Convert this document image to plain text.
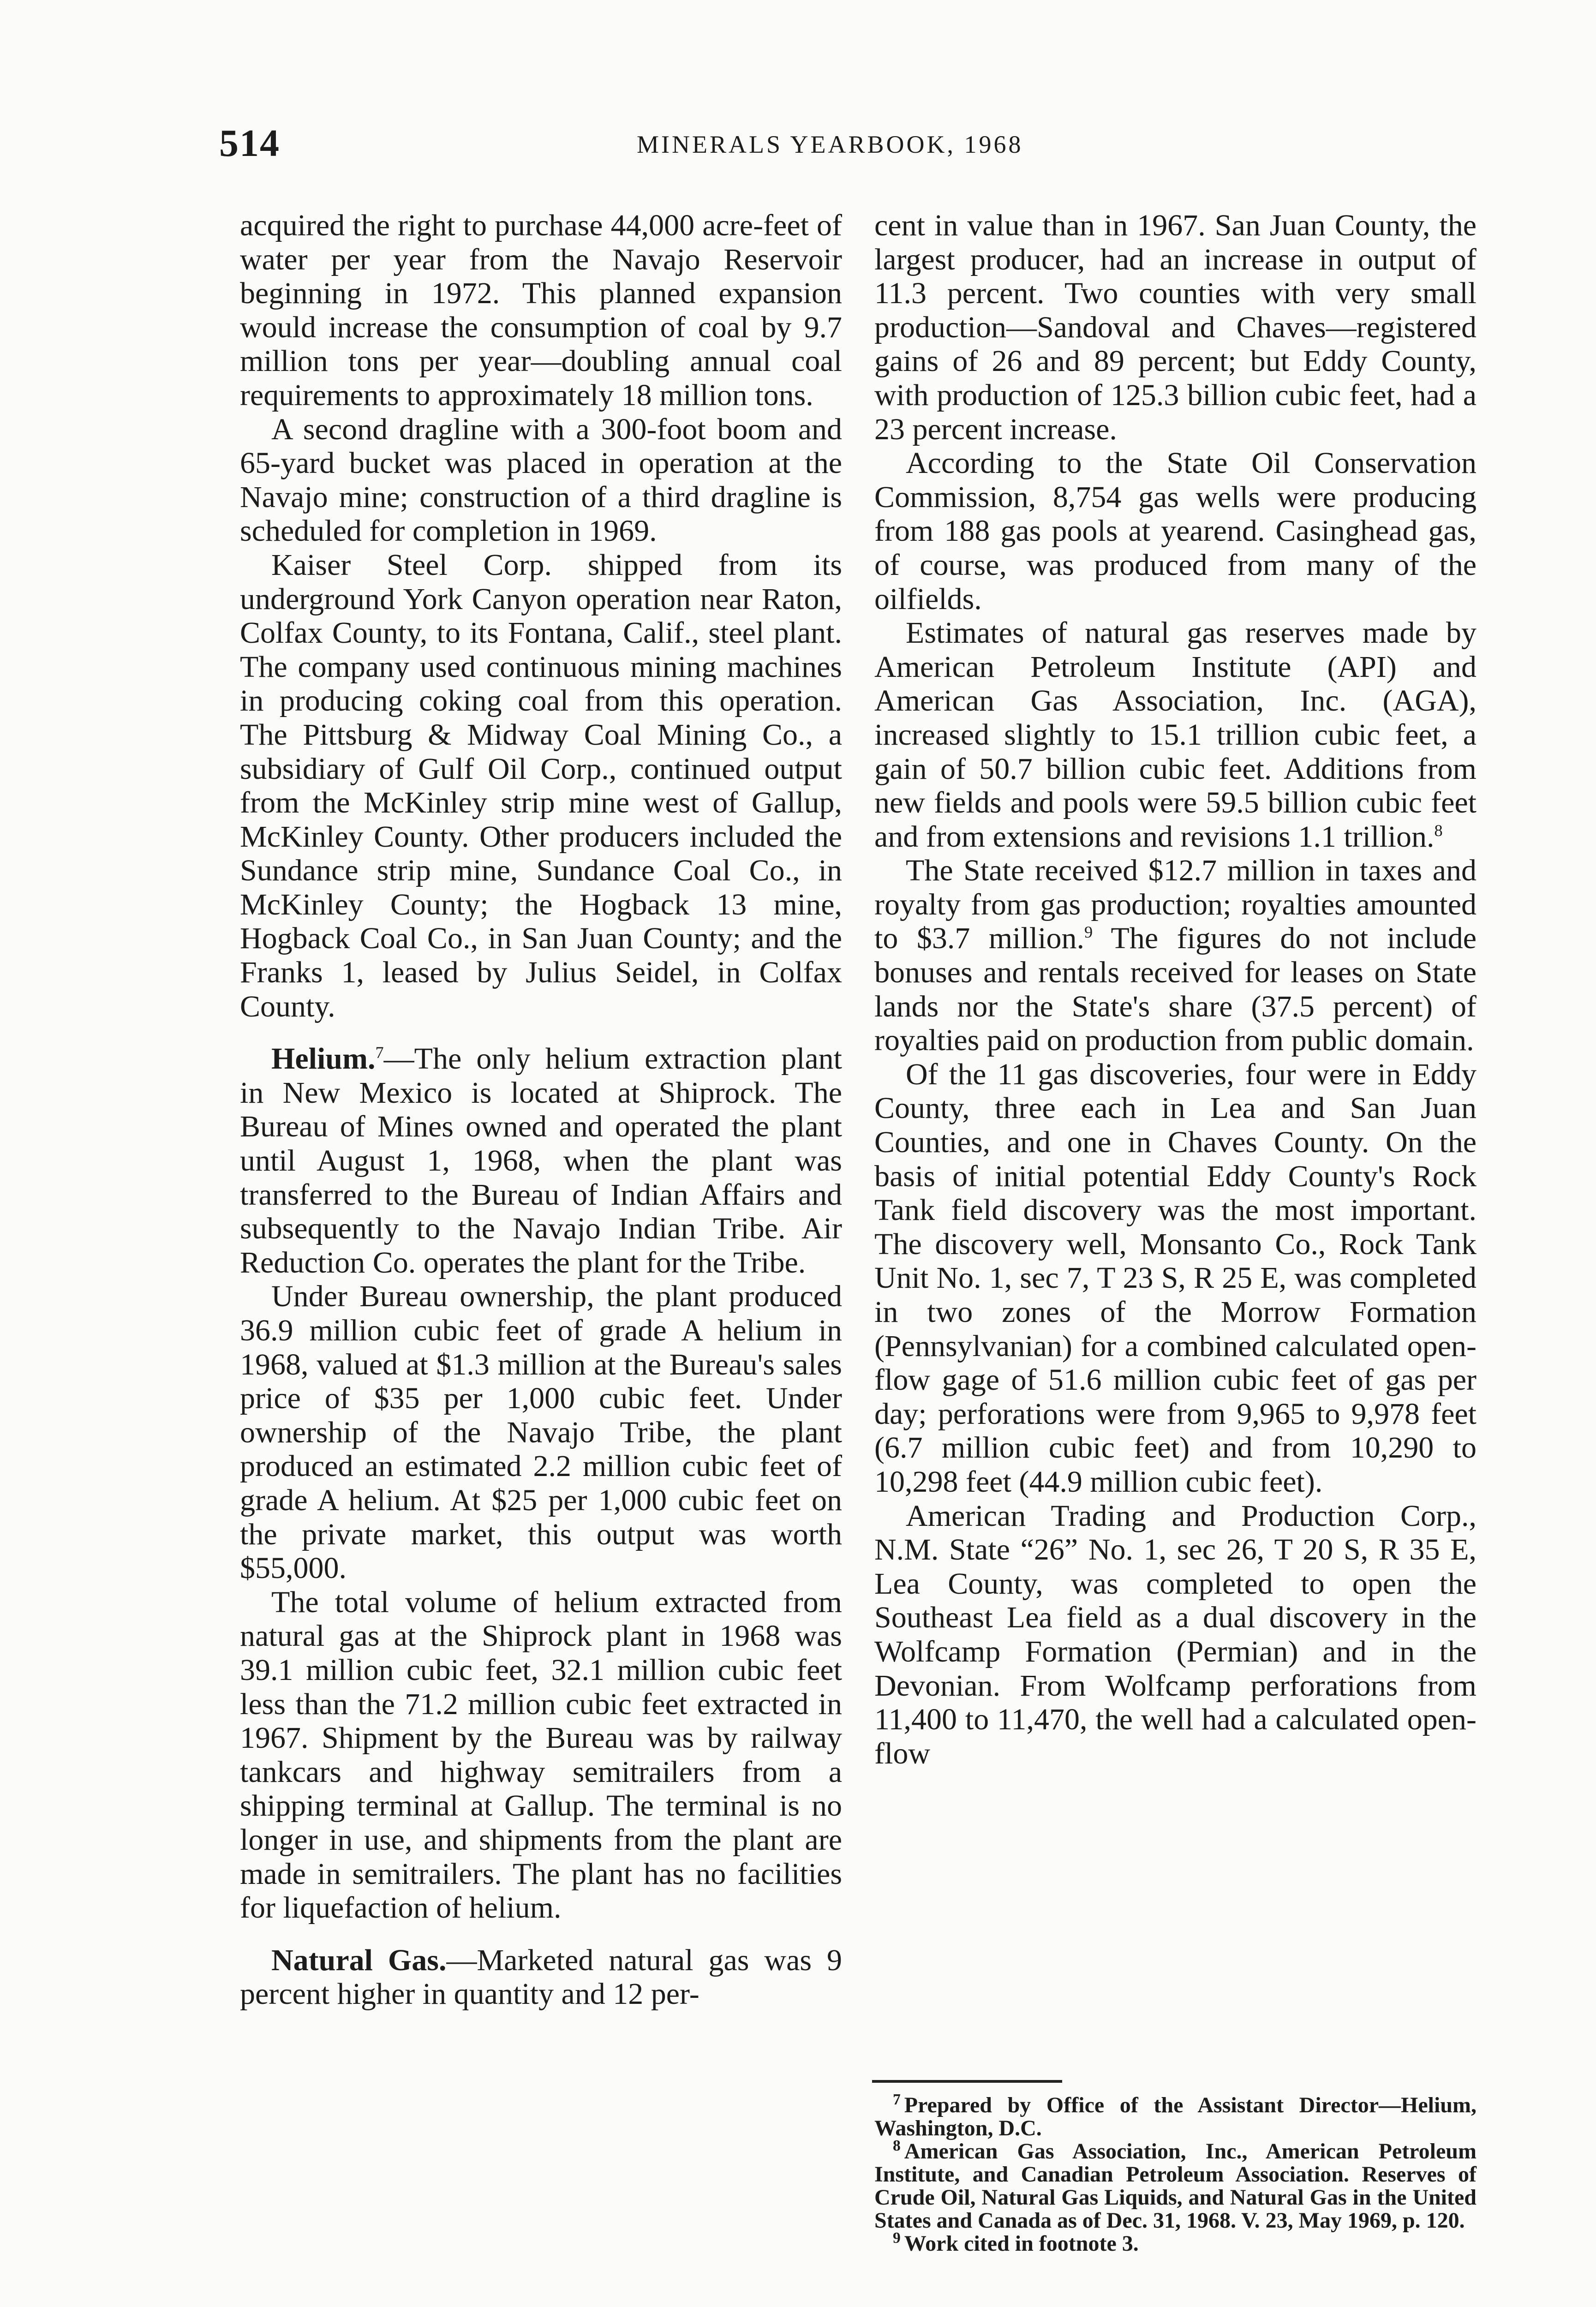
514	MINERALS YEARBOOK, 1968

acquired the right to purchase 44,000 acre-feet of water per year from the Navajo Reservoir beginning in 1972. This planned expansion would increase the consumption of coal by 9.7 million tons per year—doubling annual coal requirements to approximately 18 million tons.

A second dragline with a 300-foot boom and 65-yard bucket was placed in operation at the Navajo mine; construction of a third dragline is scheduled for completion in 1969.

Kaiser Steel Corp. shipped from its underground York Canyon operation near Raton, Colfax County, to its Fontana, Calif., steel plant. The company used continuous mining machines in producing coking coal from this operation. The Pittsburg & Midway Coal Mining Co., a subsidiary of Gulf Oil Corp., continued output from the McKinley strip mine west of Gallup, McKinley County. Other producers included the Sundance strip mine, Sundance Coal Co., in McKinley County; the Hogback 13 mine, Hogback Coal Co., in San Juan County; and the Franks 1, leased by Julius Seidel, in Colfax County.

Helium.$^7$—The only helium extraction plant in New Mexico is located at Shiprock. The Bureau of Mines owned and operated the plant until August 1, 1968, when the plant was transferred to the Bureau of Indian Affairs and subsequently to the Navajo Indian Tribe. Air Reduction Co. operates the plant for the Tribe.

Under Bureau ownership, the plant produced 36.9 million cubic feet of grade A helium in 1968, valued at $1.3 million at the Bureau's sales price of $35 per 1,000 cubic feet. Under ownership of the Navajo Tribe, the plant produced an estimated 2.2 million cubic feet of grade A helium. At $25 per 1,000 cubic feet on the private market, this output was worth $55,000.

The total volume of helium extracted from natural gas at the Shiprock plant in 1968 was 39.1 million cubic feet, 32.1 million cubic feet less than the 71.2 million cubic feet extracted in 1967. Shipment by the Bureau was by railway tankcars and highway semitrailers from a shipping terminal at Gallup. The terminal is no longer in use, and shipments from the plant are made in semitrailers. The plant has no facilities for liquefaction of helium.

Natural Gas.—Marketed natural gas was 9 percent higher in quantity and 12 per-

cent in value than in 1967. San Juan County, the largest producer, had an increase in output of 11.3 percent. Two counties with very small production—Sandoval and Chaves—registered gains of 26 and 89 percent; but Eddy County, with production of 125.3 billion cubic feet, had a 23 percent increase.

According to the State Oil Conservation Commission, 8,754 gas wells were producing from 188 gas pools at yearend. Casinghead gas, of course, was produced from many of the oilfields.

Estimates of natural gas reserves made by American Petroleum Institute (API) and American Gas Association, Inc. (AGA), increased slightly to 15.1 trillion cubic feet, a gain of 50.7 billion cubic feet. Additions from new fields and pools were 59.5 billion cubic feet and from extensions and revisions 1.1 trillion.$^8$

The State received $12.7 million in taxes and royalty from gas production; royalties amounted to $3.7 million.$^9$ The figures do not include bonuses and rentals received for leases on State lands nor the State's share (37.5 percent) of royalties paid on production from public domain.

Of the 11 gas discoveries, four were in Eddy County, three each in Lea and San Juan Counties, and one in Chaves County. On the basis of initial potential Eddy County's Rock Tank field discovery was the most important. The discovery well, Monsanto Co., Rock Tank Unit No. 1, sec 7, T 23 S, R 25 E, was completed in two zones of the Morrow Formation (Pennsylvanian) for a combined calculated open-flow gage of 51.6 million cubic feet of gas per day; perforations were from 9,965 to 9,978 feet (6.7 million cubic feet) and from 10,290 to 10,298 feet (44.9 million cubic feet).

American Trading and Production Corp., N.M. State “26” No. 1, sec 26, T 20 S, R 35 E, Lea County, was completed to open the Southeast Lea field as a dual discovery in the Wolfcamp Formation (Permian) and in the Devonian. From Wolfcamp perforations from 11,400 to 11,470, the well had a calculated open-flow

$^7$ Prepared by Office of the Assistant Director—Helium, Washington, D.C.

$^8$ American Gas Association, Inc., American Petroleum Institute, and Canadian Petroleum Association. Reserves of Crude Oil, Natural Gas Liquids, and Natural Gas in the United States and Canada as of Dec. 31, 1968. V. 23, May 1969, p. 120.

$^9$ Work cited in footnote 3.
